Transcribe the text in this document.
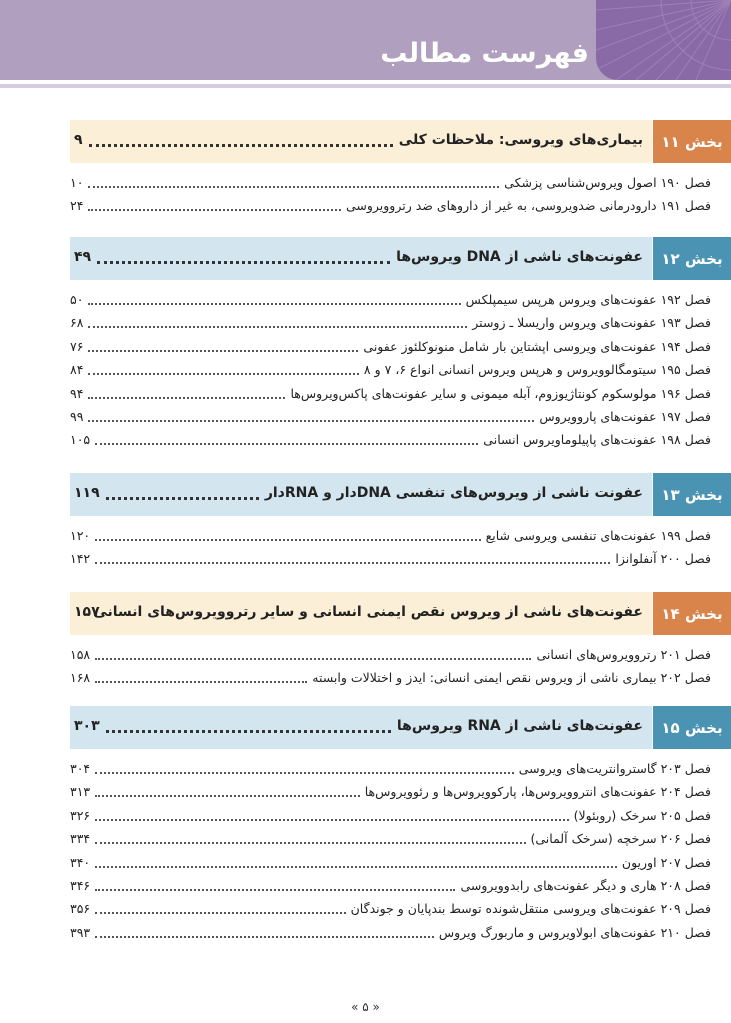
فهرست مطالب
بخش ۱۱
بیماری‌های ویروسی: ملاحظات کلی
۹
فصل ۱۹۰ اصول ویروس‌شناسی پزشکی
۱۰
فصل ۱۹۱ دارودرمانی ضدویروسی، به غیر از داروهای ضد رتروویروسی
۲۴
بخش ۱۲
عفونت‌های ناشی از DNA ویروس‌ها
۴۹
فصل ۱۹۲ عفونت‌های ویروس هرپس سیمپلکس
۵۰
فصل ۱۹۳ عفونت‌های ویروس واریسلا ـ زوستر
۶۸
فصل ۱۹۴ عفونت‌های ویروسی اپشتاین بار شامل منونوکلئوز عفونی
۷۶
فصل ۱۹۵ سیتومگالوویروس و هرپس ویروس انسانی انواع ۶، ۷ و ۸
۸۴
فصل ۱۹۶ مولوسکوم کونتاژیوزوم، آبله میمونی و سایر عفونت‌های پاکس‌ویروس‌ها
۹۴
فصل ۱۹۷ عفونت‌های پاروویروس
۹۹
فصل ۱۹۸ عفونت‌های پاپیلوماویروس انسانی
۱۰۵
بخش ۱۳
عفونت ناشی از ویروس‌های تنفسی DNAدار و RNAدار
۱۱۹
فصل ۱۹۹ عفونت‌های تنفسی ویروسی شایع
۱۲۰
فصل ۲۰۰ آنفلوانزا
۱۴۲
بخش ۱۴
عفونت‌های ناشی از ویروس نقص ایمنی انسانی و سایر رتروویروس‌های انسانی
۱۵۷
فصل ۲۰۱ رتروویروس‌های انسانی
۱۵۸
فصل ۲۰۲ بیماری ناشی از ویروس نقص ایمنی انسانی: ایدز و اختلالات وابسته
۱۶۸
بخش ۱۵
عفونت‌های ناشی از RNA ویروس‌ها
۳۰۳
فصل ۲۰۳ گاستروانتریت‌های ویروسی
۳۰۴
فصل ۲۰۴ عفونت‌های انتروویروس‌ها، پارکوویروس‌ها و رئوویروس‌ها
۳۱۳
فصل ۲۰۵ سرخک (روبئولا)
۳۲۶
فصل ۲۰۶ سرخچه (سرخک آلمانی)
۳۳۴
فصل ۲۰۷ اوریون
۳۴۰
فصل ۲۰۸ هاری و دیگر عفونت‌های رابدوویروسی
۳۴۶
فصل ۲۰۹ عفونت‌های ویروسی منتقل‌شونده توسط بندپایان و جوندگان
۳۵۶
فصل ۲۱۰ عفونت‌های ابولاویروس و ماربورگ ویروس
۳۹۳
« ۵ »
